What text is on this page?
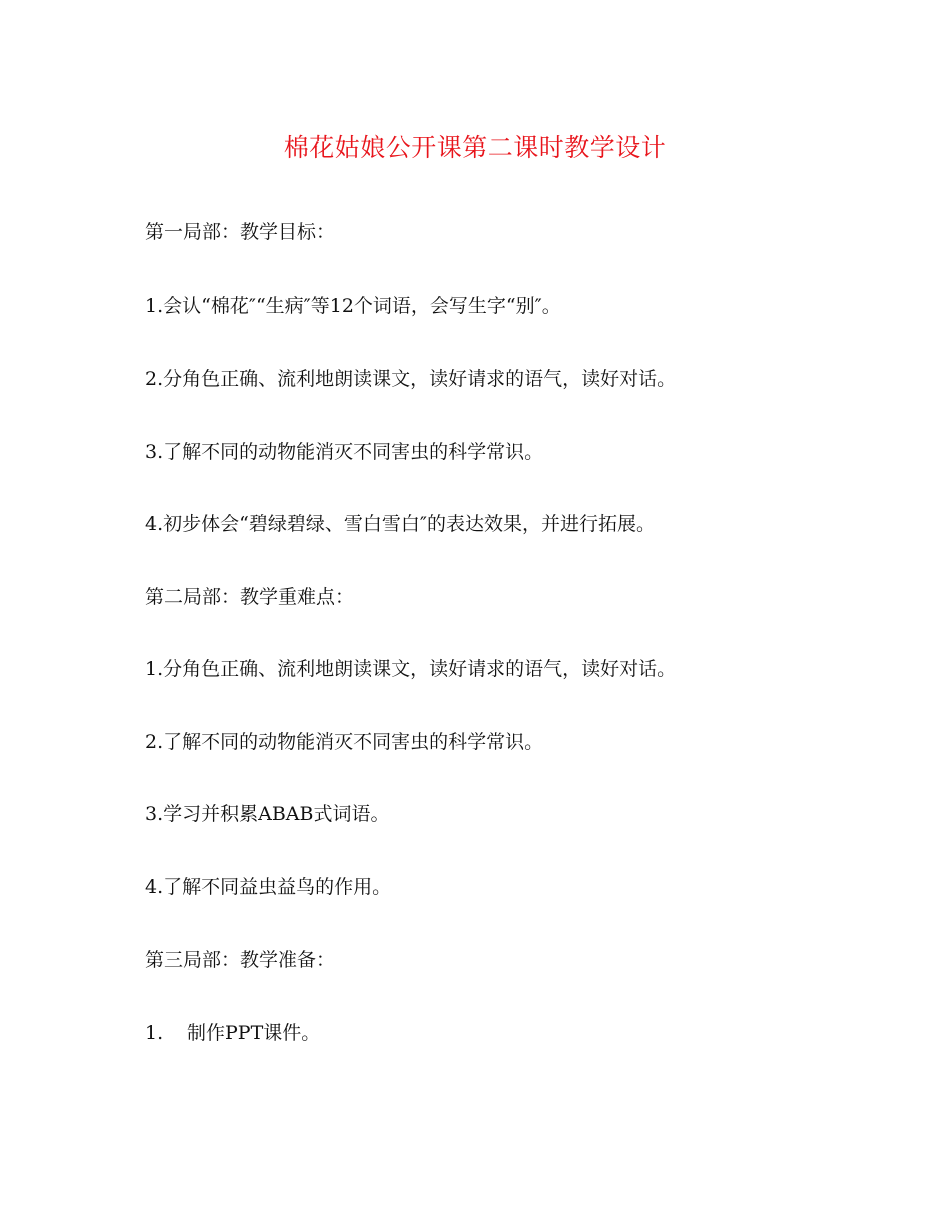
棉花姑娘公开课第二课时教学设计
第一局部：教学目标：
1.会认“棉花″“生病″等12个词语，会写生字“别″。
2.分角色正确、流利地朗读课文，读好请求的语气，读好对话。
3.了解不同的动物能消灭不同害虫的科学常识。
4.初步体会“碧绿碧绿、雪白雪白″的表达效果，并进行拓展。
第二局部：教学重难点：
1.分角色正确、流利地朗读课文，读好请求的语气，读好对话。
2.了解不同的动物能消灭不同害虫的科学常识。
3.学习并积累ABAB式词语。
4.了解不同益虫益鸟的作用。
第三局部：教学准备：
1. 制作PPT课件。
